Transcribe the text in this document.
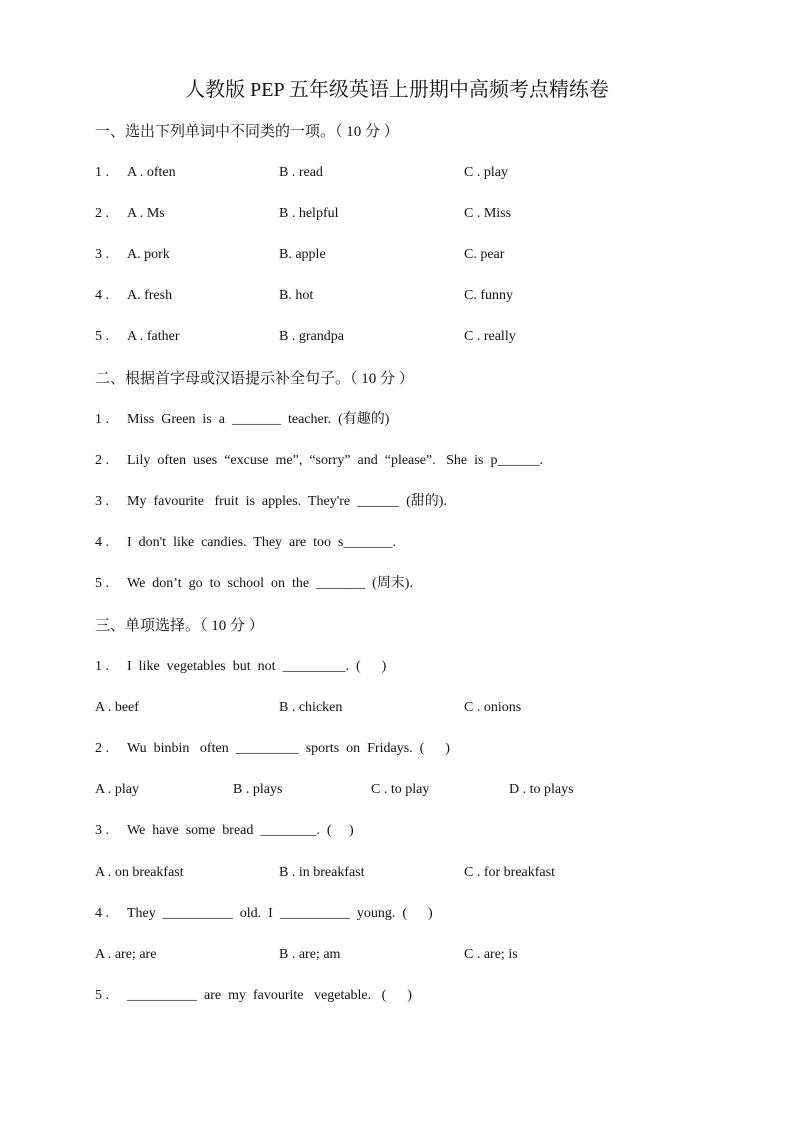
人教版 PEP 五年级英语上册期中高频考点精练卷
一、选出下列单词中不同类的一项。（ 10 分 ）
1 . A . often	B . read	C . play
2 . A . Ms	B . helpful	C . Miss
3 . A. pork	B. apple	C. pear
4 . A. fresh	B. hot	C. funny
5 . A . father	B . grandpa	C . really
二、根据首字母或汉语提示补全句子。（ 10 分 ）
1 . Miss  Green  is  a  _______  teacher.  (有趣的)
2 . Lily  often  uses  “excuse  me”,  “sorry”  and  “please”.   She  is  p______.
3 . My  favourite   fruit  is  apples.  They're  ______  (甜的).
4 . I  don't  like  candies.  They  are  too  s_______.
5 . We  don’t  go  to  school  on  the  _______  (周末).
三、单项选择。（ 10 分 ）
1 . I  like  vegetables  but  not  _________.  (      )
A . beef	B . chicken	C . onions
2 . Wu  binbin   often  _________  sports  on  Fridays.  (      )
A . play	B . plays	C . to play	D . to plays
3 . We  have  some  bread  ________.  (     )
A . on breakfast	B . in breakfast	C . for breakfast
4 . They  __________  old.  I  __________  young.  (      )
A . are; are	B . are; am	C . are; is
5 . __________  are  my  favourite   vegetable.   (      )
